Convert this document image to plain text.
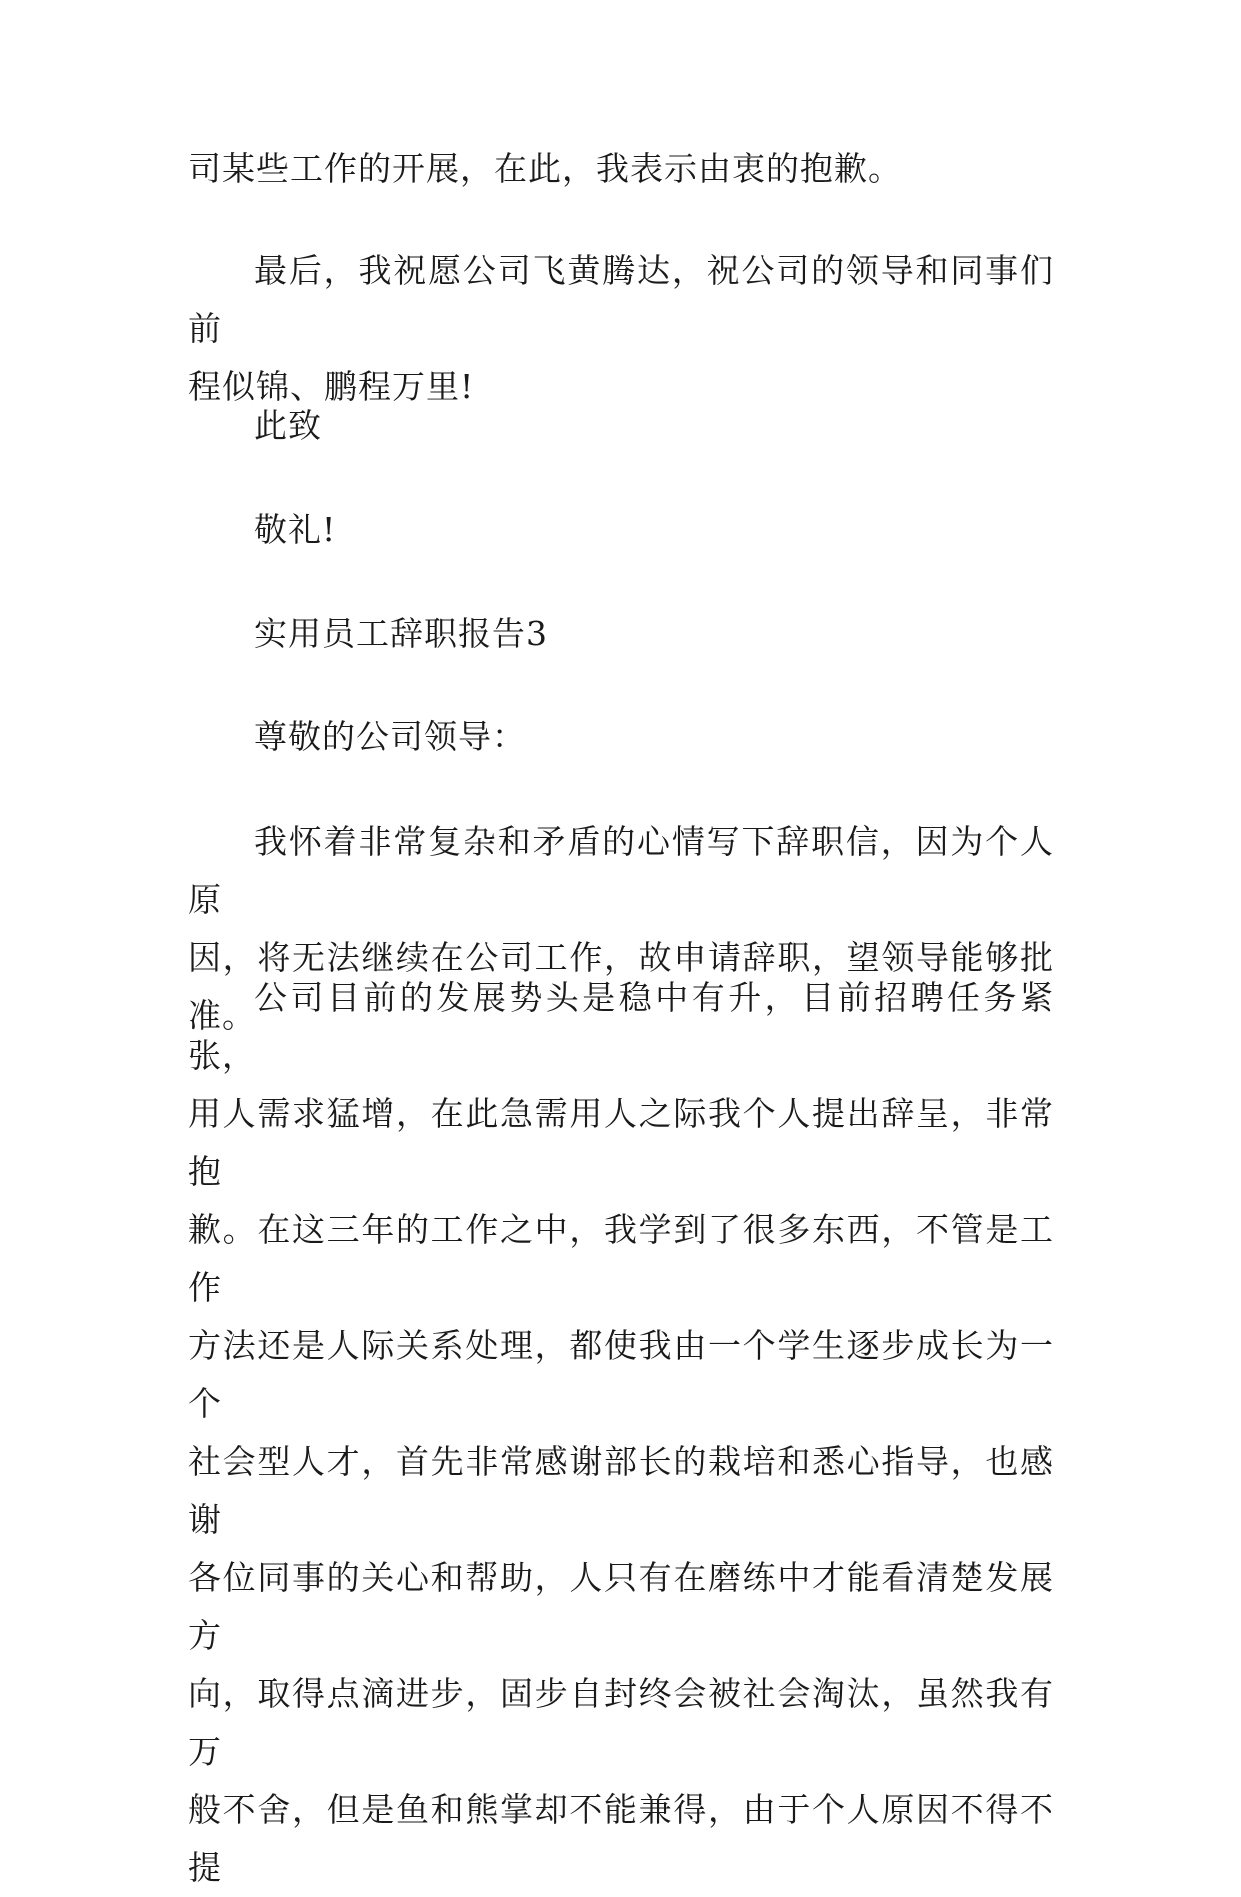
司某些工作的开展，在此，我表示由衷的抱歉。

最后，我祝愿公司飞黄腾达，祝公司的领导和同事们前
程似锦、鹏程万里!

此致

敬礼!

实用员工辞职报告3

尊敬的公司领导：

我怀着非常复杂和矛盾的心情写下辞职信，因为个人原
因，将无法继续在公司工作，故申请辞职，望领导能够批准。

公司目前的发展势头是稳中有升，目前招聘任务紧张，
用人需求猛增，在此急需用人之际我个人提出辞呈，非常抱
歉。在这三年的工作之中，我学到了很多东西，不管是工作
方法还是人际关系处理，都使我由一个学生逐步成长为一个
社会型人才，首先非常感谢部长的栽培和悉心指导，也感谢
各位同事的关心和帮助，人只有在磨练中才能看清楚发展方
向，取得点滴进步，固步自封终会被社会淘汰，虽然我有万
般不舍，但是鱼和熊掌却不能兼得，由于个人原因不得不提
